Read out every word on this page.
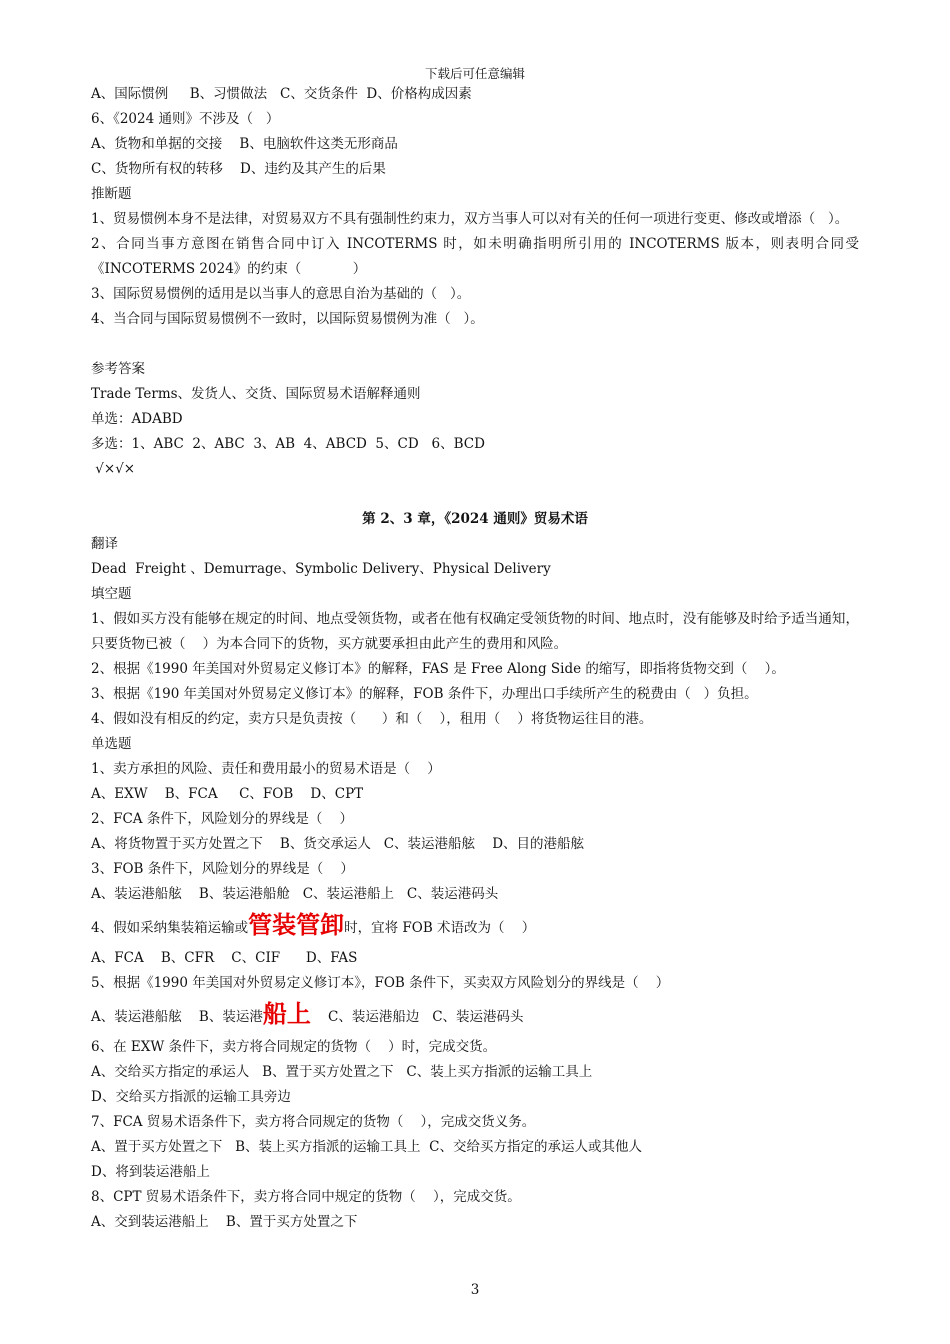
下载后可任意编辑
A、国际惯例     B、习惯做法   C、交货条件  D、价格构成因素
6、《2024 通则》不涉及（   ）
A、货物和单据的交接    B、电脑软件这类无形商品
C、货物所有权的转移    D、违约及其产生的后果
推断题
1、贸易惯例本身不是法律，对贸易双方不具有强制性约束力，双方当事人可以对有关的任何一项进行变更、修改或增添（   ）。
2、合同当事方意图在销售合同中订入 INCOTERMS 时，如未明确指明所引用的 INCOTERMS 版本，则表明合同受《INCOTERMS 2024》的约束（            ）
3、国际贸易惯例的适用是以当事人的意思自治为基础的（   ）。
4、当合同与国际贸易惯例不一致时，以国际贸易惯例为准（   ）。
参考答案
Trade Terms、发货人、交货、国际贸易术语解释通则
单选：ADABD
多选：1、ABC  2、ABC  3、AB  4、ABCD  5、CD   6、BCD
√×√×
第 2、3 章，《2024 通则》贸易术语
翻译
Dead  Freight 、Demurrage、Symbolic Delivery、Physical Delivery
填空题
1、假如买方没有能够在规定的时间、地点受领货物，或者在他有权确定受领货物的时间、地点时，没有能够及时给予适当通知，只要货物已被（    ）为本合同下的货物，买方就要承担由此产生的费用和风险。
2、根据《1990 年美国对外贸易定义修订本》的解释，FAS 是 Free Along Side 的缩写，即指将货物交到（    ）。
3、根据《190 年美国对外贸易定义修订本》的解释，FOB 条件下，办理出口手续所产生的税费由（   ）负担。
4、假如没有相反的约定，卖方只是负责按（      ）和（    ），租用（    ）将货物运往目的港。
单选题
1、卖方承担的风险、责任和费用最小的贸易术语是（    ）
A、EXW    B、FCA     C、FOB    D、CPT
2、FCA 条件下，风险划分的界线是（    ）
A、将货物置于买方处置之下    B、货交承运人   C、装运港船舷    D、目的港船舷
3、FOB 条件下，风险划分的界线是（    ）
A、装运港船舷    B、装运港船舱   C、装运港船上   C、装运港码头
4、假如采纳集装箱运输或管装管卸时，宜将 FOB 术语改为（    ）
A、FCA    B、CFR    C、CIF      D、FAS
5、根据《1990 年美国对外贸易定义修订本》，FOB 条件下，买卖双方风险划分的界线是（    ）
A、装运港船舷    B、装运港船上    C、装运港船边   C、装运港码头
6、在 EXW 条件下，卖方将合同规定的货物（    ）时，完成交货。
A、交给买方指定的承运人   B、置于买方处置之下   C、装上买方指派的运输工具上
D、交给买方指派的运输工具旁边
7、FCA 贸易术语条件下，卖方将合同规定的货物（    ），完成交货义务。
A、置于买方处置之下   B、装上买方指派的运输工具上  C、交给买方指定的承运人或其他人
D、将到装运港船上
8、CPT 贸易术语条件下，卖方将合同中规定的货物（    ），完成交货。
A、交到装运港船上    B、置于买方处置之下
3
